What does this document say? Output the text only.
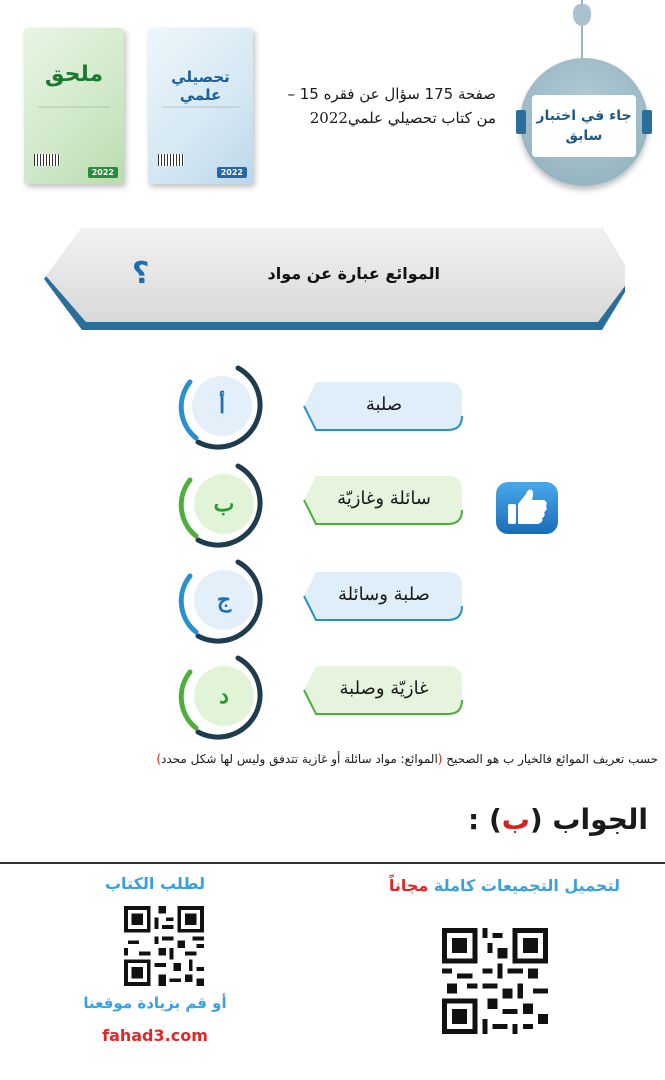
ملحق
2022
تحصيلي علمي
2022
صفحة 175 سؤال عن فقره 15 –
من كتاب تحصيلي علمي2022	جاء في اختبار
سابق
؟	الموائع عبارة عن مواد
أ	صلبة
ب	سائلة وغازيّة
ج	صلبة وسائلة
د	غازيّة وصلبة
حسب تعريف الموائع فالخيار ب هو الصحيح (الموائع: مواد سائلة أو غازية تتدفق وليس لها شكل محدد)
الجواب (ب) :
لتحميل التجميعات كاملة مجاناً
لطلب الكتاب
أو قم بزيادة موقعنا
fahad3.com
